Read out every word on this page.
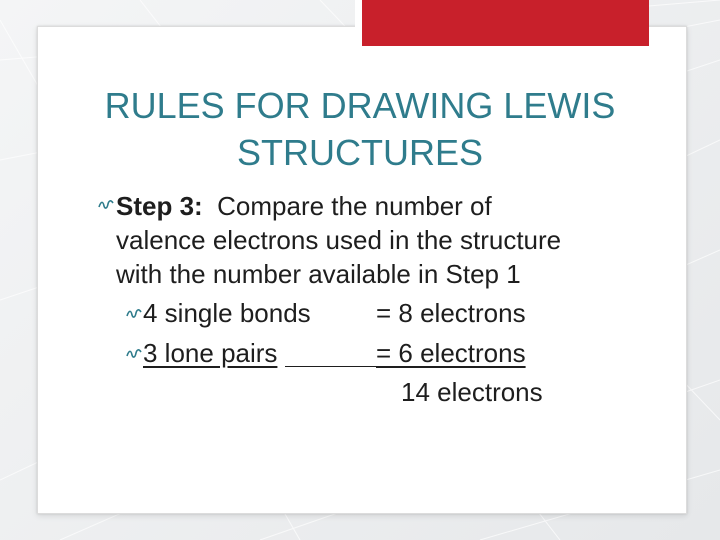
RULES FOR DRAWING LEWIS
STRUCTURES
Step 3: Compare the number of
valence electrons used in the structure
with the number available in Step 1
4 single bonds	= 8 electrons
3 lone pairs	= 6 electrons
14 electrons
